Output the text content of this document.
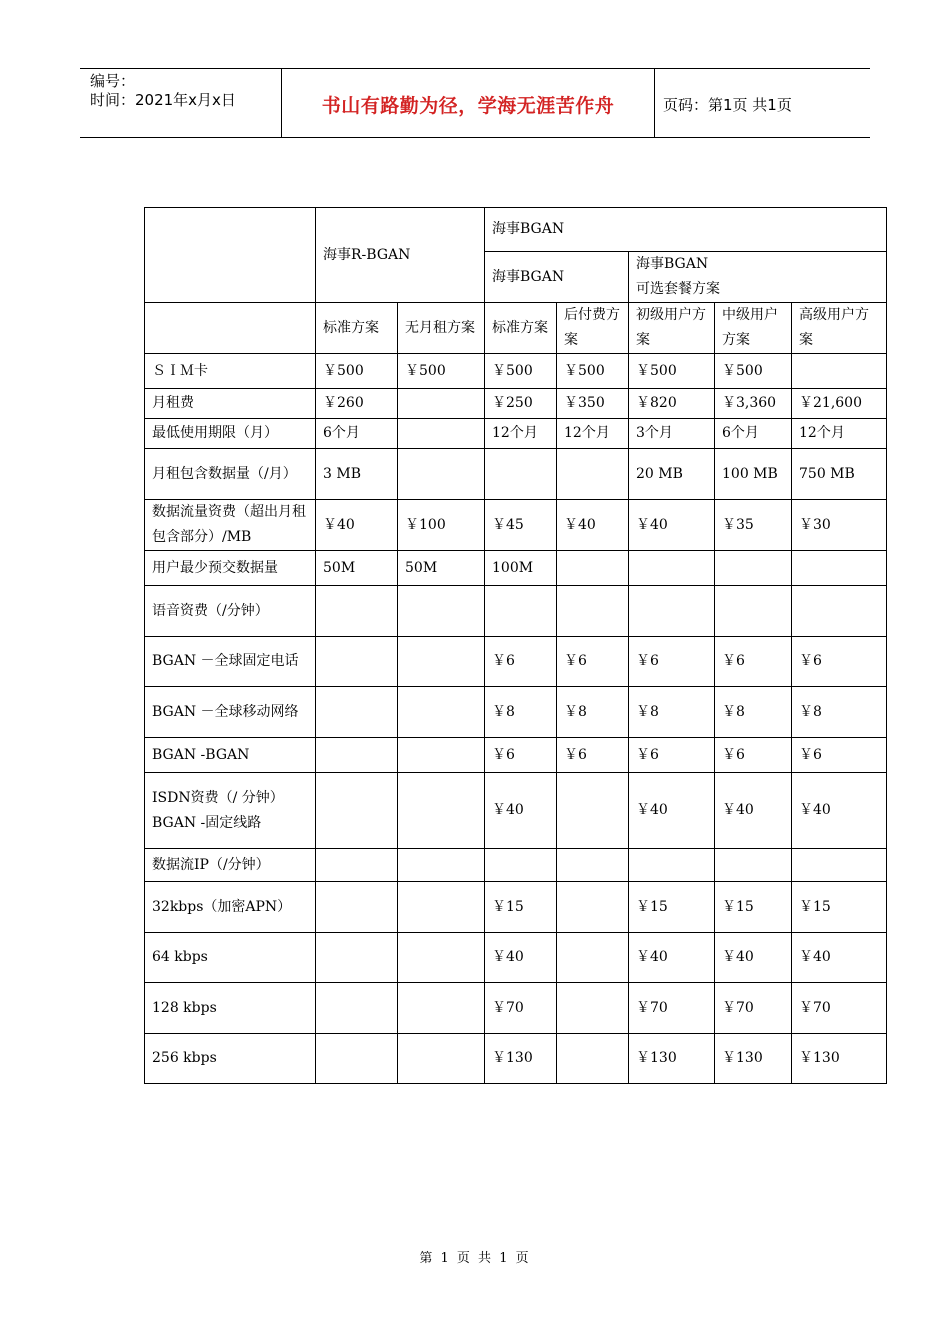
编号：
时间：2021年x月x日	书山有路勤为径，学海无涯苦作舟	页码：第1页 共1页
	海事R-BGAN		海事BGAN				
			海事BGAN		海事BGAN
可选套餐方案		

	标准方案	无月租方案	标准方案	后付费方案	初级用户方案	中级用户方案	高级用户方案
ＳＩＭ卡	￥500	￥500	￥500	￥500	￥500	￥500	
月租费	￥260		￥250	￥350	￥820	￥3,360	￥21,600
最低使用期限（月）	6个月		12个月	12个月	3个月	6个月	12个月
月租包含数据量（/月）	3 MB				20 MB	100 MB	750 MB
数据流量资费（超出月租包含部分）/MB	￥40	￥100	￥45	￥40	￥40	￥35	￥30
用户最少预交数据量	50M	50M	100M				
语音资费（/分钟）							
BGAN －全球固定电话			￥6	￥6	￥6	￥6	￥6
BGAN －全球移动网络			￥8	￥8	￥8	￥8	￥8
BGAN -BGAN			￥6	￥6	￥6	￥6	￥6
ISDN资费（/ 分钟）
BGAN -固定线路			￥40		￥40	￥40	￥40
数据流IP（/分钟）							
32kbps（加密APN）			￥15		￥15	￥15	￥15
64 kbps			￥40		￥40	￥40	￥40
128 kbps			￥70		￥70	￥70	￥70
256 kbps			￥130		￥130	￥130	￥130
第 1 页 共 1 页
